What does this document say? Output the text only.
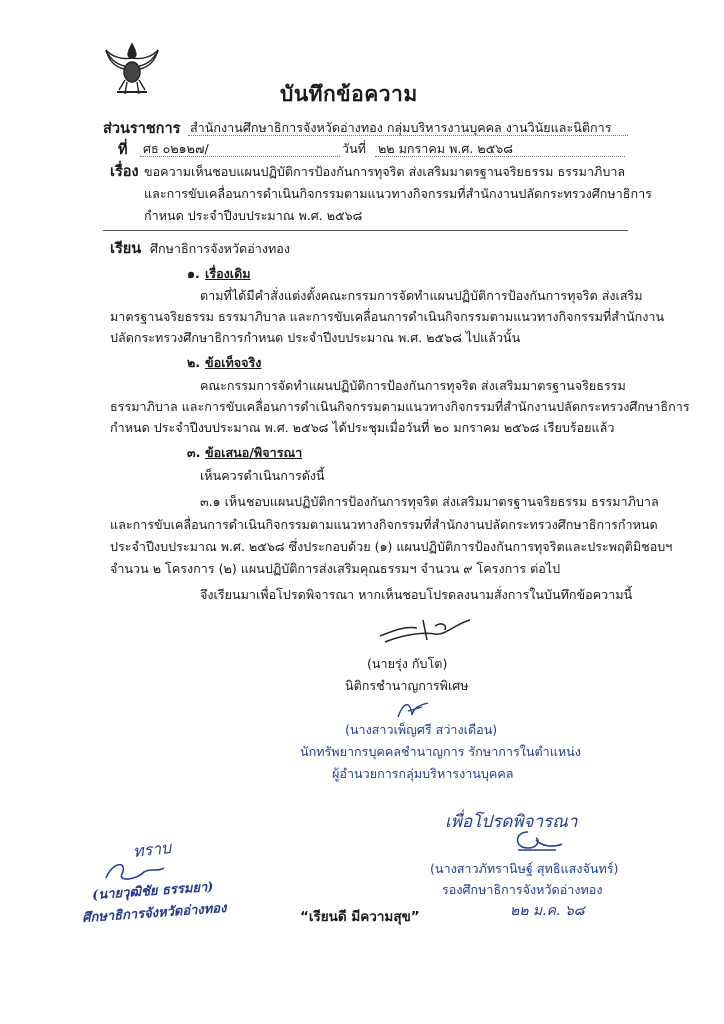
บันทึกข้อความ
ส่วนราชการ สำนักงานศึกษาธิการจังหวัดอ่างทอง กลุ่มบริหารงานบุคคล งานวินัยและนิติการ
ที่ ศธ ๐๒๑๒๗/	วันที่ ๒๒ มกราคม พ.ศ. ๒๕๖๘
เรื่อง ขอความเห็นชอบแผนปฏิบัติการป้องกันการทุจริต ส่งเสริมมาตรฐานจริยธรรม ธรรมาภิบาล
และการขับเคลื่อนการดำเนินกิจกรรมตามแนวทางกิจกรรมที่สำนักงานปลัดกระทรวงศึกษาธิการ
กำหนด ประจำปีงบประมาณ พ.ศ. ๒๕๖๘
เรียน ศึกษาธิการจังหวัดอ่างทอง
๑. เรื่องเดิม
ตามที่ได้มีคำสั่งแต่งตั้งคณะกรรมการจัดทำแผนปฏิบัติการป้องกันการทุจริต ส่งเสริม
มาตรฐานจริยธรรม ธรรมาภิบาล และการขับเคลื่อนการดำเนินกิจกรรมตามแนวทางกิจกรรมที่สำนักงาน
ปลัดกระทรวงศึกษาธิการกำหนด ประจำปีงบประมาณ พ.ศ. ๒๕๖๘ ไปแล้วนั้น
๒. ข้อเท็จจริง
คณะกรรมการจัดทำแผนปฏิบัติการป้องกันการทุจริต ส่งเสริมมาตรฐานจริยธรรม
ธรรมาภิบาล และการขับเคลื่อนการดำเนินกิจกรรมตามแนวทางกิจกรรมที่สำนักงานปลัดกระทรวงศึกษาธิการ
กำหนด ประจำปีงบประมาณ พ.ศ. ๒๕๖๘ ได้ประชุมเมื่อวันที่ ๒๐ มกราคม ๒๕๖๘ เรียบร้อยแล้ว
๓. ข้อเสนอ/พิจารณา
เห็นควรดำเนินการดังนี้
๓.๑ เห็นชอบแผนปฏิบัติการป้องกันการทุจริต ส่งเสริมมาตรฐานจริยธรรม ธรรมาภิบาล
และการขับเคลื่อนการดำเนินกิจกรรมตามแนวทางกิจกรรมที่สำนักงานปลัดกระทรวงศึกษาธิการกำหนด
ประจำปีงบประมาณ พ.ศ. ๒๕๖๘ ซึ่งประกอบด้วย (๑) แผนปฏิบัติการป้องกันการทุจริตและประพฤติมิชอบฯ
จำนวน ๒ โครงการ (๒) แผนปฏิบัติการส่งเสริมคุณธรรมฯ จำนวน ๙ โครงการ ต่อไป
จึงเรียนมาเพื่อโปรดพิจารณา หากเห็นชอบโปรดลงนามสั่งการในบันทึกข้อความนี้
(นายรุ่ง กับโต)
นิติกรชำนาญการพิเศษ
(นางสาวเพ็ญศรี สว่างเดือน)
นักทรัพยากรบุคคลชำนาญการ รักษาการในตำแหน่ง
ผู้อำนวยการกลุ่มบริหารงานบุคคล
เพื่อโปรดพิจารณา
(นางสาวภัทรานิษฐ์ สุทธิแสงจันทร์)
รองศึกษาธิการจังหวัดอ่างทอง
๒๒ ม.ค. ๖๘
ทราบ
(นายวุฒิชัย ธรรมยา)
ศึกษาธิการจังหวัดอ่างทอง	“เรียนดี มีความสุข”
